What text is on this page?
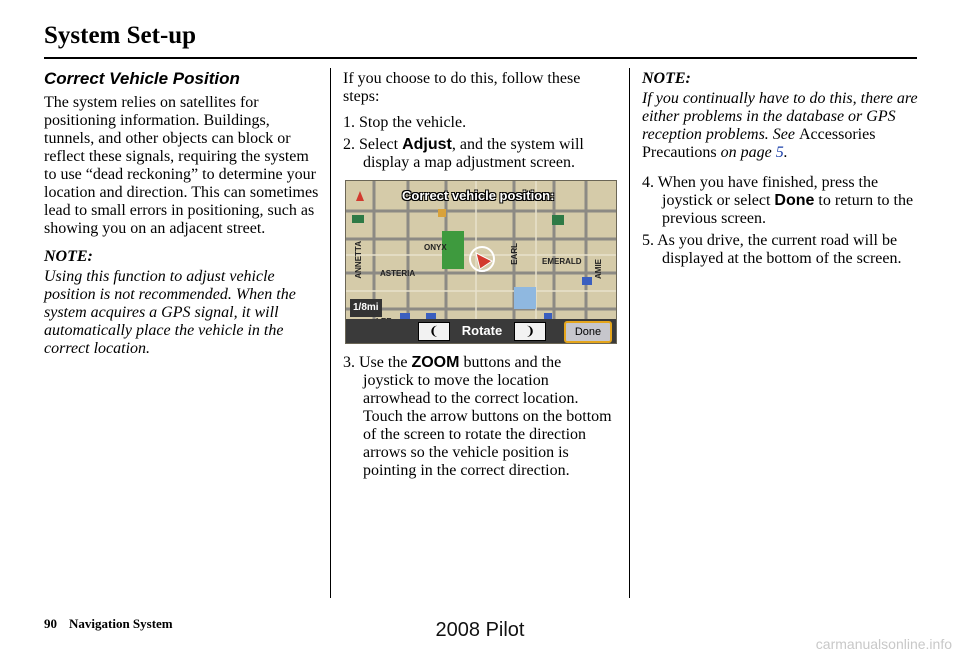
System Set-up
Correct Vehicle Position

The system relies on satellites for positioning information. Buildings, tunnels, and other objects can block or reflect these signals, requiring the system to use “dead reckoning” to determine your location and direction. This can sometimes lead to small errors in positioning, such as showing you on an adjacent street.

NOTE:

Using this function to adjust vehicle position is not recommended. When the system acquires a GPS signal, it will automatically place the vehicle in the correct location.

If you choose to do this, follow these steps:

1. Stop the vehicle.

2. Select Adjust, and the system will display a map adjustment screen.

Correct vehicle position:
ONYX
ASTERIA
EMERALD
ANNETTA	EARL
AMIE
1/8mi
❨	Rotate	❩	Done

3. Use the ZOOM buttons and the joystick to move the location arrowhead to the correct location. Touch the arrow buttons on the bottom of the screen to rotate the direction arrows so the vehicle position is pointing in the correct direction.

NOTE:

If you continually have to do this, there are either problems in the database or GPS reception problems. See Accessories Precautions on page 5.

4. When you have finished, press the joystick or select Done to return to the previous screen.

5. As you drive, the current road will be displayed at the bottom of the screen.

90 Navigation System	2008 Pilot
carmanualsonline.info
